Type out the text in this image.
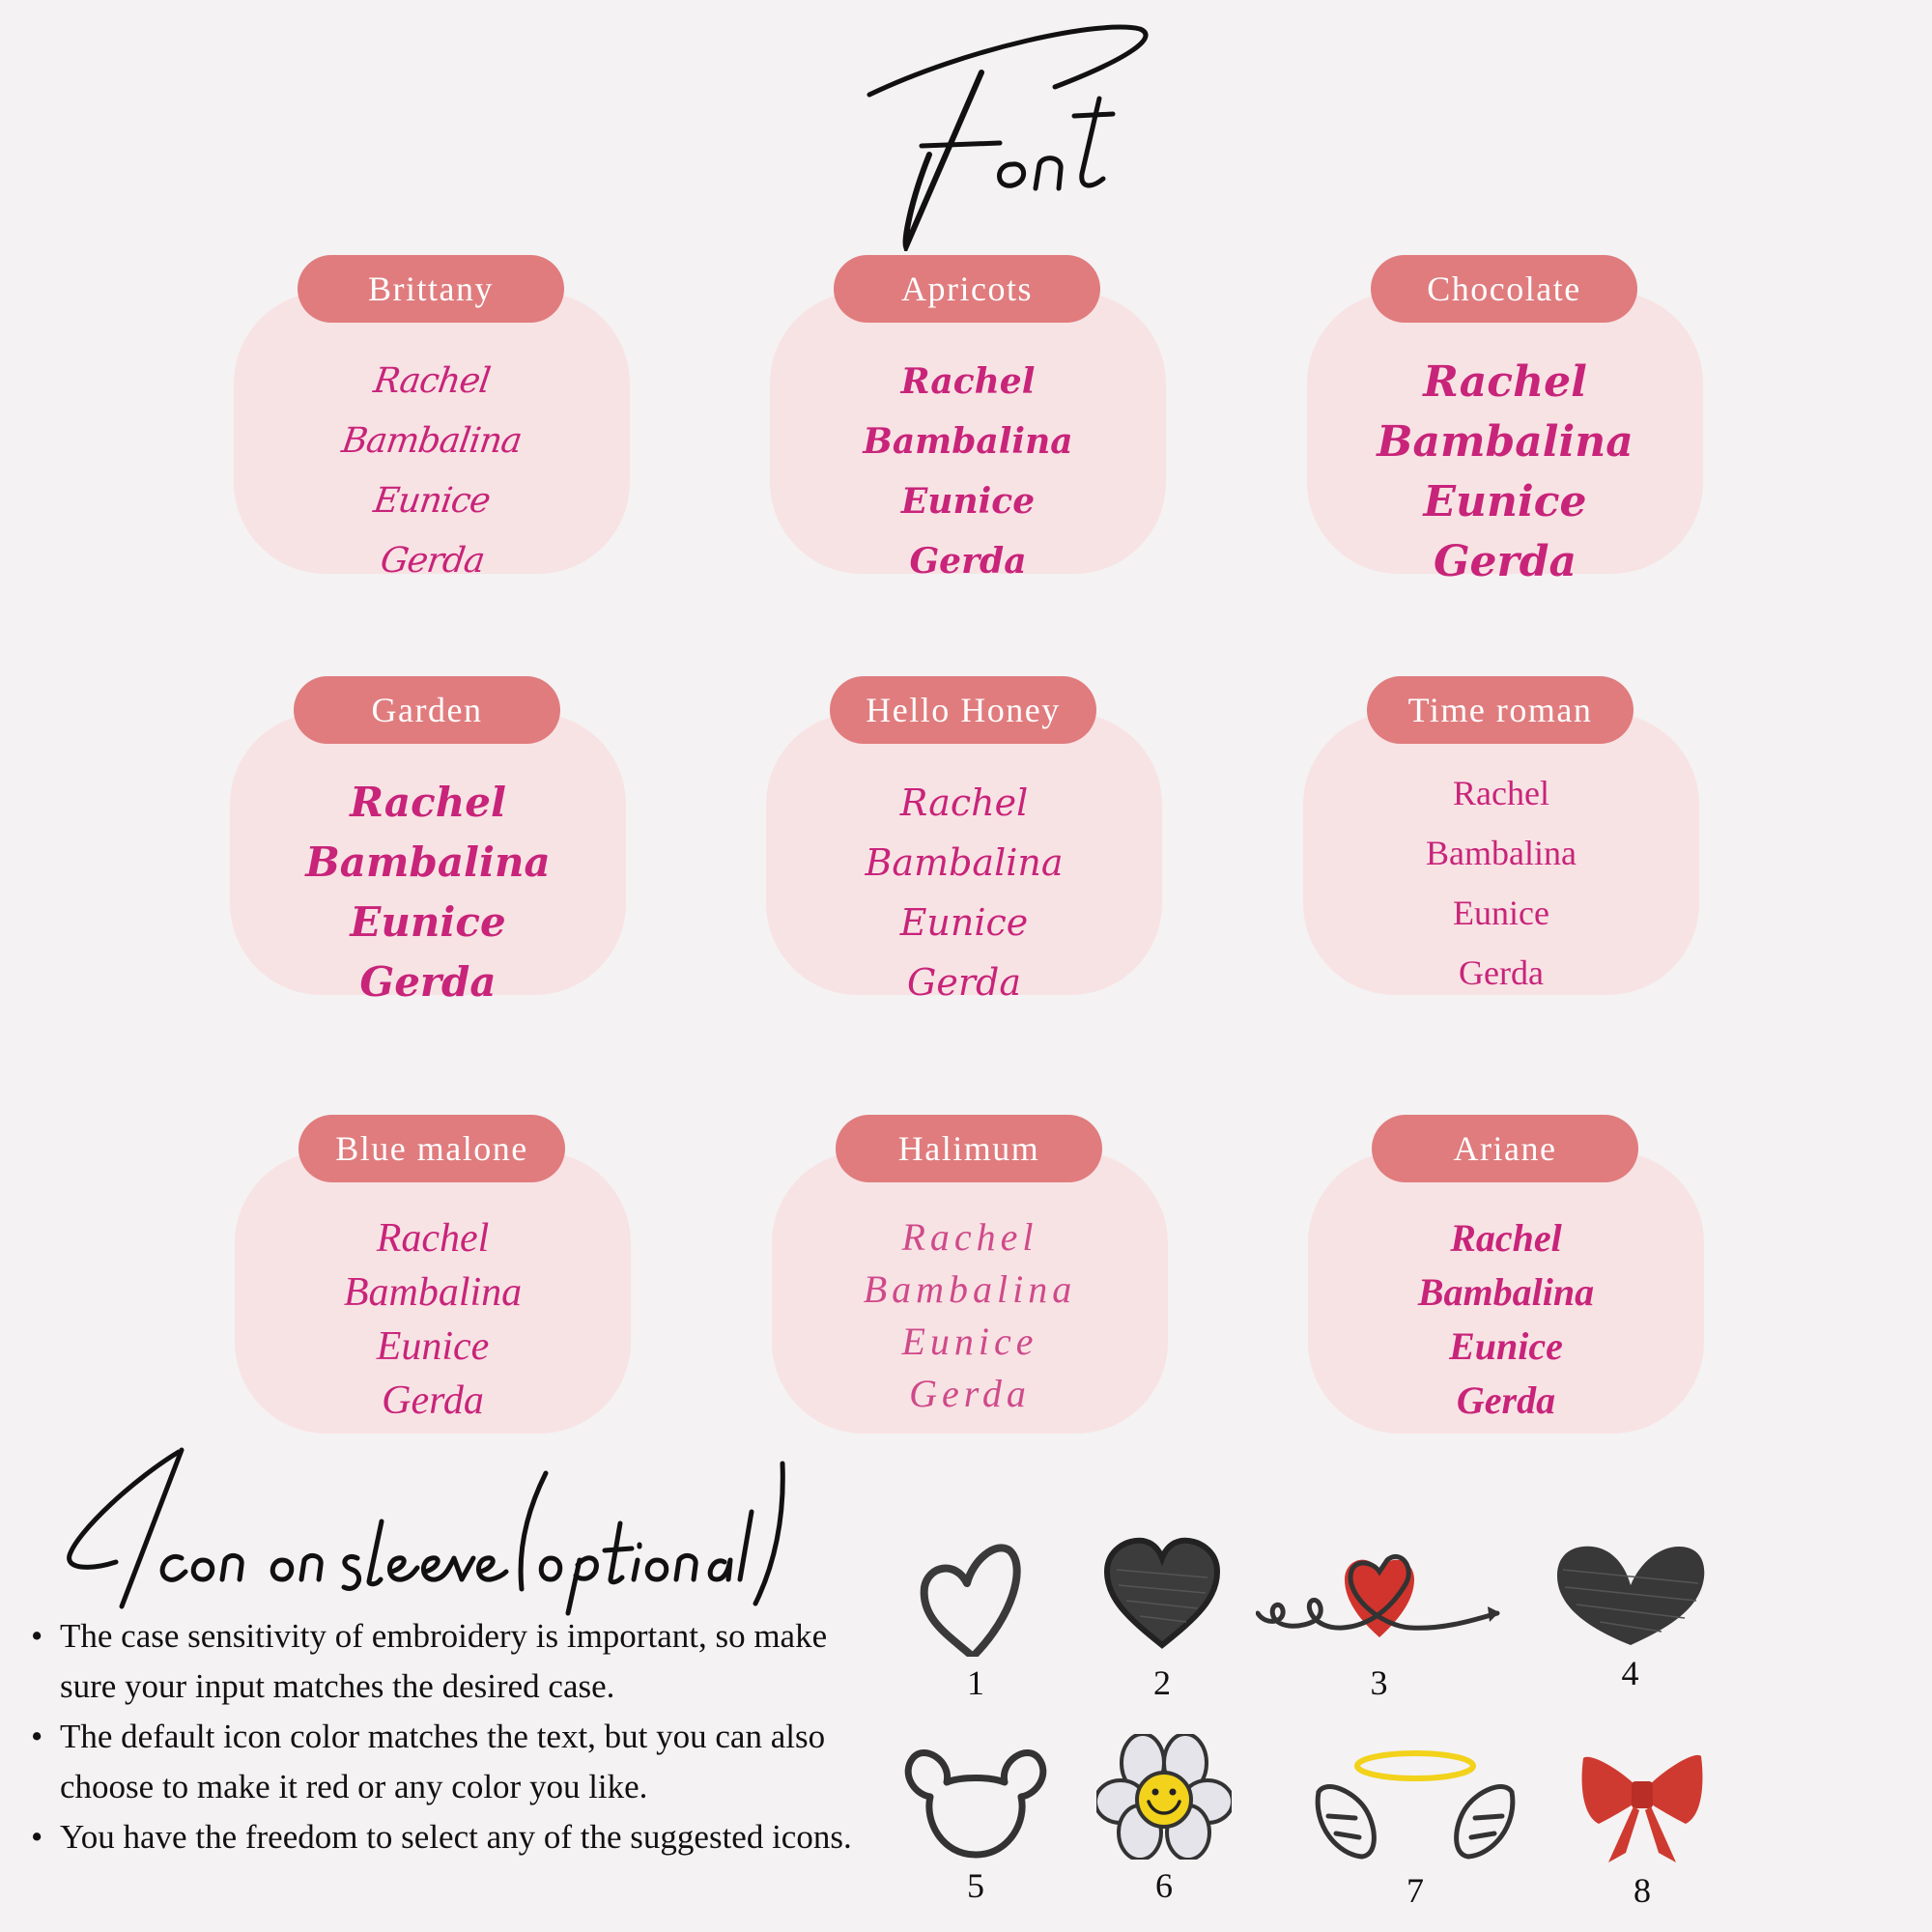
Brittany
Rachel
Bambalina
Eunice
Gerda
Apricots
Rachel
Bambalina
Eunice
Gerda
Chocolate
Rachel
Bambalina
Eunice
Gerda
Garden
Rachel
Bambalina
Eunice
Gerda
Hello Honey
Rachel
Bambalina
Eunice
Gerda
Time roman
Rachel
Bambalina
Eunice
Gerda
Blue malone
Rachel
Bambalina
Eunice
Gerda
Halimum
Rachel
Bambalina
Eunice
Gerda
Ariane
Rachel
Bambalina
Eunice
Gerda
• The case sensitivity of embroidery is important, so make sure your input matches the desired case.
• The default icon color matches the text, but you can also choose to make it red or any color you like.
• You have the freedom to select any of the suggested icons.
1	2	3	4
5	6	7	8
